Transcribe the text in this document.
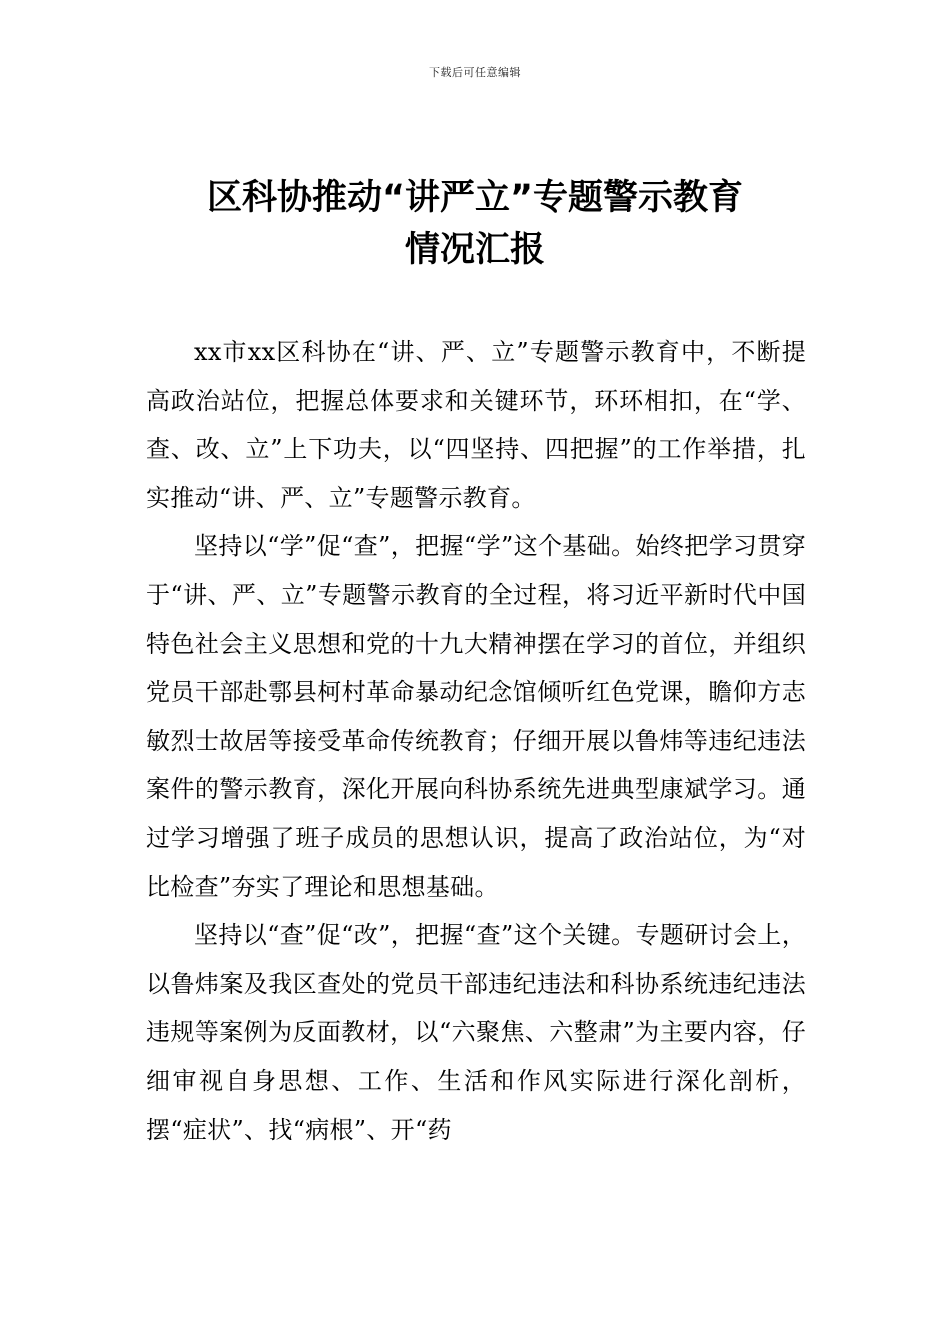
下载后可任意编辑
区科协推动“讲严立”专题警示教育
情况汇报

xx市xx区科协在“讲、严、立”专题警示教育中，不断提高政治站位，把握总体要求和关键环节，环环相扣，在“学、查、改、立”上下功夫，以“四坚持、四把握”的工作举措，扎实推动“讲、严、立”专题警示教育。

坚持以“学”促“查”，把握“学”这个基础。始终把学习贯穿于“讲、严、立”专题警示教育的全过程，将习近平新时代中国特色社会主义思想和党的十九大精神摆在学习的首位，并组织党员干部赴鄠县柯村革命暴动纪念馆倾听红色党课，瞻仰方志敏烈士故居等接受革命传统教育；仔细开展以鲁炜等违纪违法案件的警示教育，深化开展向科协系统先进典型康斌学习。通过学习增强了班子成员的思想认识，提高了政治站位，为“对比检查”夯实了理论和思想基础。

坚持以“查”促“改”，把握“查”这个关键。专题研讨会上，以鲁炜案及我区查处的党员干部违纪违法和科协系统违纪违法违规等案例为反面教材，以“六聚焦、六整肃”为主要内容，仔细审视自身思想、工作、生活和作风实际进行深化剖析，摆“症状”、找“病根”、开“药
